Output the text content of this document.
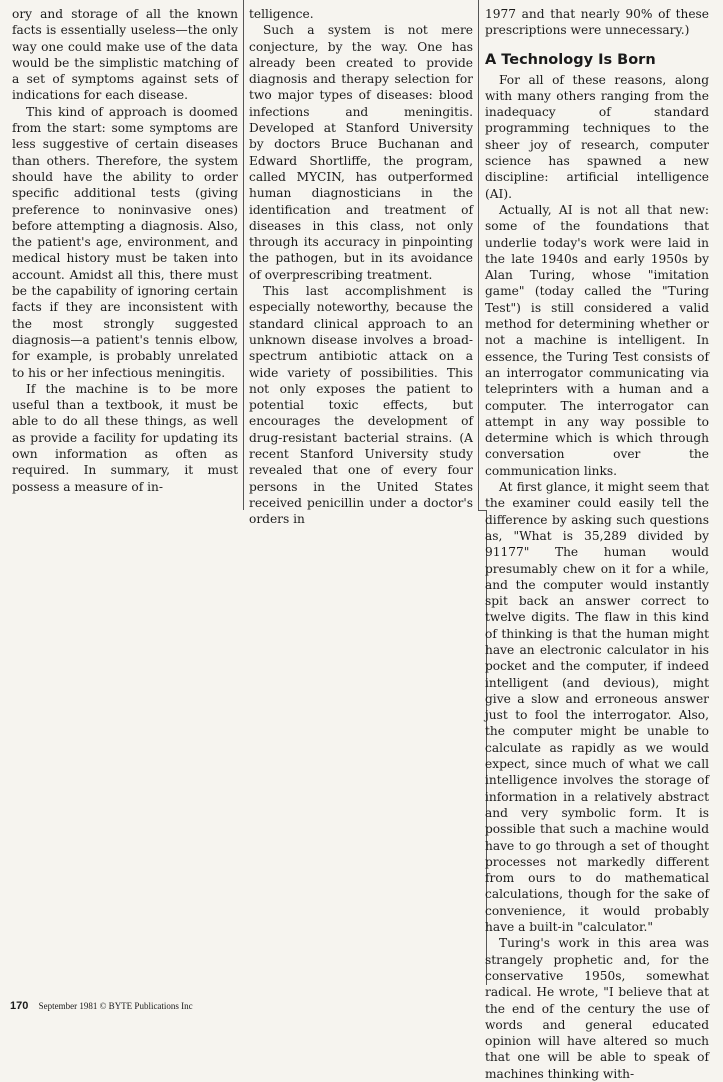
ory and storage of all the known facts is essentially useless—the only way one could make use of the data would be the simplistic matching of a set of symptoms against sets of indications for each disease.

This kind of approach is doomed from the start: some symptoms are less suggestive of certain diseases than others. Therefore, the system should have the ability to order specific additional tests (giving preference to noninvasive ones) before attempting a diagnosis. Also, the patient's age, environment, and medical history must be taken into account. Amidst all this, there must be the capability of ignoring certain facts if they are inconsistent with the most strongly suggested diagnosis—a patient's tennis elbow, for example, is probably unrelated to his or her infectious meningitis.

If the machine is to be more useful than a textbook, it must be able to do all these things, as well as provide a facility for updating its own information as often as required. In summary, it must possess a measure of in-

telligence.

Such a system is not mere conjecture, by the way. One has already been created to provide diagnosis and therapy selection for two major types of diseases: blood infections and meningitis. Developed at Stanford University by doctors Bruce Buchanan and Edward Shortliffe, the program, called MYCIN, has outperformed human diagnosticians in the identification and treatment of diseases in this class, not only through its accuracy in pinpointing the pathogen, but in its avoidance of overprescribing treatment.

This last accomplishment is especially noteworthy, because the standard clinical approach to an unknown disease involves a broad-spectrum antibiotic attack on a wide variety of possibilities. This not only exposes the patient to potential toxic effects, but encourages the development of drug-resistant bacterial strains. (A recent Stanford University study revealed that one of every four persons in the United States received penicillin under a doctor's orders in

1977 and that nearly 90% of these prescriptions were unnecessary.)

A Technology Is Born

For all of these reasons, along with many others ranging from the inadequacy of standard programming techniques to the sheer joy of research, computer science has spawned a new discipline: artificial intelligence (AI).

Actually, AI is not all that new: some of the foundations that underlie today's work were laid in the late 1940s and early 1950s by Alan Turing, whose "imitation game" (today called the "Turing Test") is still considered a valid method for determining whether or not a machine is intelligent. In essence, the Turing Test consists of an interrogator communicating via teleprinters with a human and a computer. The interrogator can attempt in any way possible to determine which is which through conversation over the communication links.

At first glance, it might seem that the examiner could easily tell the difference by asking such questions as, "What is 35,289 divided by 91177" The human would presumably chew on it for a while, and the computer would instantly spit back an answer correct to twelve digits. The flaw in this kind of thinking is that the human might have an electronic calculator in his pocket and the computer, if indeed intelligent (and devious), might give a slow and erroneous answer just to fool the interrogator. Also, the computer might be unable to calculate as rapidly as we would expect, since much of what we call intelligence involves the storage of information in a relatively abstract and very symbolic form. It is possible that such a machine would have to go through a set of thought processes not markedly different from ours to do mathematical calculations, though for the sake of convenience, it would probably have a built-in "calculator."

Turing's work in this area was strangely prophetic and, for the conservative 1950s, somewhat radical. He wrote, "I believe that at the end of the century the use of words and general educated opinion will have altered so much that one will be able to speak of machines thinking with-

170 September 1981 © BYTE Publications Inc
